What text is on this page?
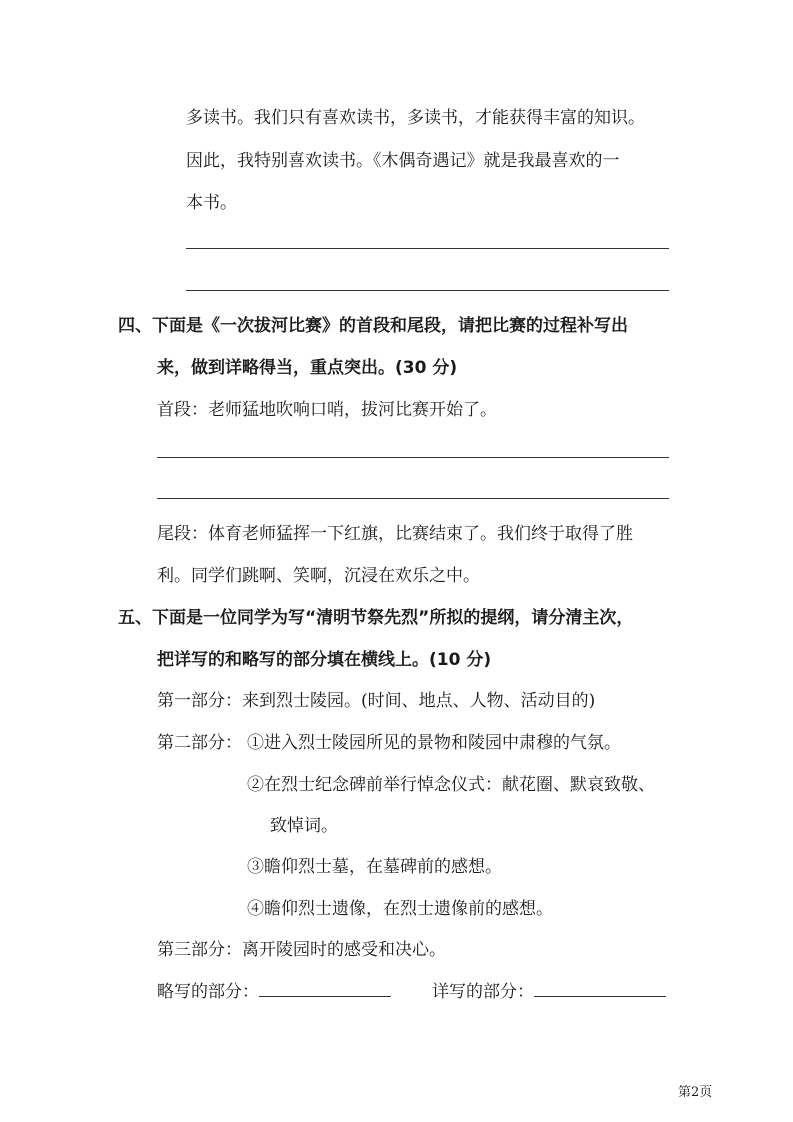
多读书。我们只有喜欢读书，多读书，才能获得丰富的知识。
因此，我特别喜欢读书。《木偶奇遇记》就是我最喜欢的一
本书。
四、下面是《一次拔河比赛》的首段和尾段，请把比赛的过程补写出
来，做到详略得当，重点突出。(30 分)
首段：老师猛地吹响口哨，拔河比赛开始了。
尾段：体育老师猛挥一下红旗，比赛结束了。我们终于取得了胜
利。同学们跳啊、笑啊，沉浸在欢乐之中。
五、下面是一位同学为写“清明节祭先烈”所拟的提纲，请分清主次，
把详写的和略写的部分填在横线上。(10 分)
第一部分：来到烈士陵园。(时间、地点、人物、活动目的)
第二部分： ①进入烈士陵园所见的景物和陵园中肃穆的气氛。
②在烈士纪念碑前举行悼念仪式：献花圈、默哀致敬、
致悼词。
③瞻仰烈士墓，在墓碑前的感想。
④瞻仰烈士遗像，在烈士遗像前的感想。
第三部分：离开陵园时的感受和决心。
略写的部分：	详写的部分：
第2页
